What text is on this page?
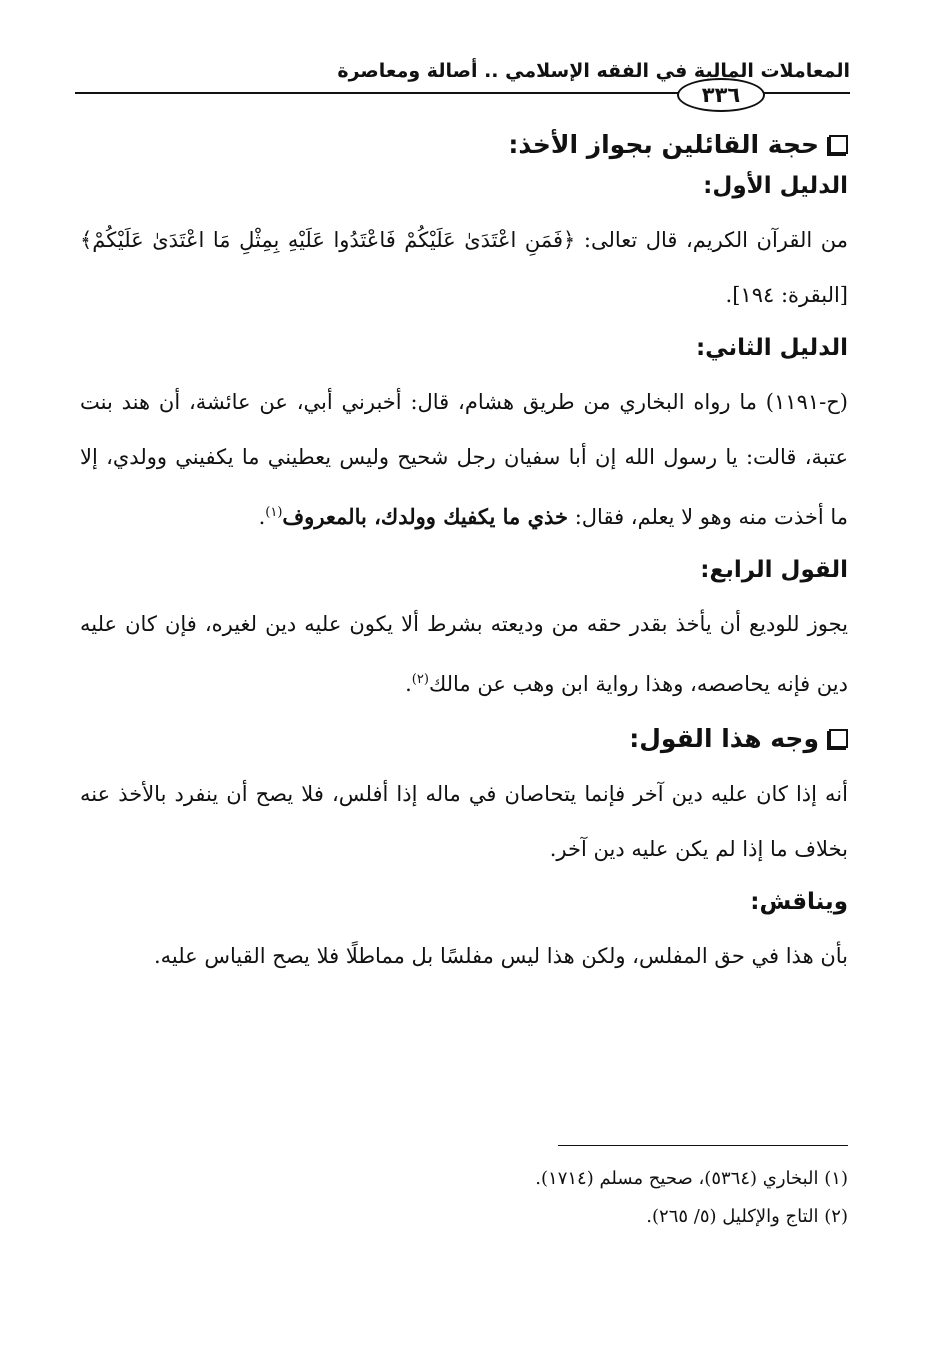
٣٣٦
المعاملات المالية في الفقه الإسلامي .. أصالة ومعاصرة
حجة القائلين بجواز الأخذ:
الدليل الأول:

من القرآن الكريم، قال تعالى: ﴿فَمَنِ اعْتَدَىٰ عَلَيْكُمْ فَاعْتَدُوا عَلَيْهِ بِمِثْلِ مَا اعْتَدَىٰ عَلَيْكُمْ﴾ [البقرة: ١٩٤].

الدليل الثاني:

(ح-١١٩١) ما رواه البخاري من طريق هشام، قال: أخبرني أبي، عن عائشة، أن هند بنت عتبة، قالت: يا رسول الله إن أبا سفيان رجل شحيح وليس يعطيني ما يكفيني وولدي، إلا ما أخذت منه وهو لا يعلم، فقال: خذي ما يكفيك وولدك، بالمعروف$^{(١)}$.

القول الرابع:

يجوز للوديع أن يأخذ بقدر حقه من وديعته بشرط ألا يكون عليه دين لغيره، فإن كان عليه دين فإنه يحاصصه، وهذا رواية ابن وهب عن مالك$^{(٢)}$.

وجه هذا القول:

أنه إذا كان عليه دين آخر فإنما يتحاصان في ماله إذا أفلس، فلا يصح أن ينفرد بالأخذ عنه بخلاف ما إذا لم يكن عليه دين آخر.

ويناقش:

بأن هذا في حق المفلس، ولكن هذا ليس مفلسًا بل مماطلًا فلا يصح القياس عليه.

(١) البخاري (٥٣٦٤)، صحيح مسلم (١٧١٤).
(٢) التاج والإكليل (٥/ ٢٦٥).
